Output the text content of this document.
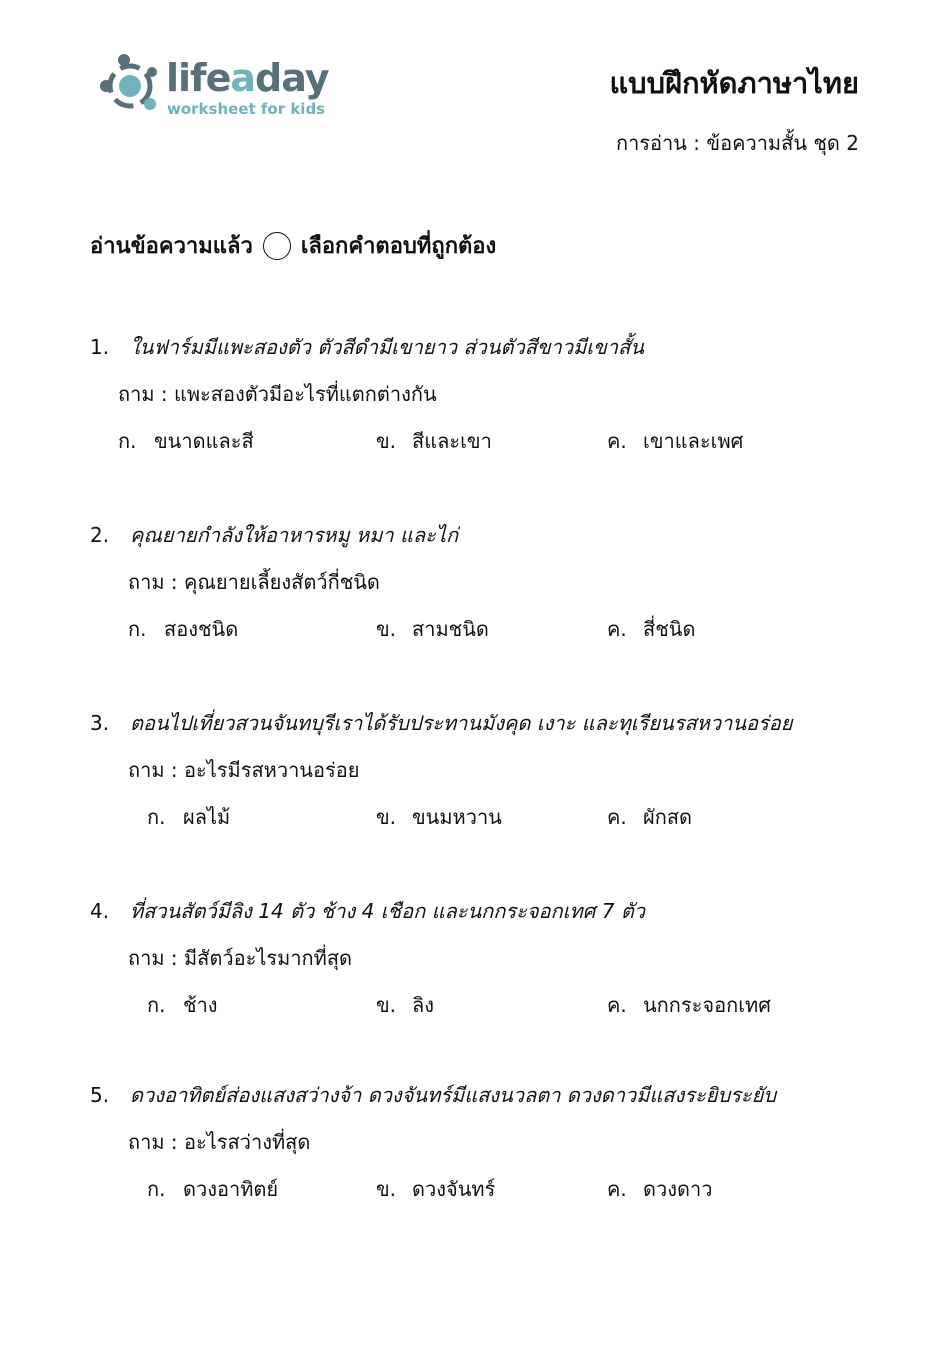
lifeaday
worksheet for kids
แบบฝึกหัดภาษาไทย
การอ่าน : ข้อความสั้น ชุด 2
อ่านข้อความแล้ว เลือกคำตอบที่ถูกต้อง
1. ในฟาร์มมีแพะสองตัว ตัวสีดำมีเขายาว ส่วนตัวสีขาวมีเขาสั้น
ถาม : แพะสองตัวมีอะไรที่แตกต่างกัน
ก. ขนาดและสี	ข. สีและเขา	ค. เขาและเพศ
2. คุณยายกำลังให้อาหารหมู หมา และไก่
ถาม : คุณยายเลี้ยงสัตว์กี่ชนิด
ก. สองชนิด	ข. สามชนิด	ค. สี่ชนิด
3. ตอนไปเที่ยวสวนจันทบุรีเราได้รับประทานมังคุด เงาะ และทุเรียนรสหวานอร่อย
ถาม : อะไรมีรสหวานอร่อย
ก. ผลไม้	ข. ขนมหวาน	ค. ผักสด
4. ที่สวนสัตว์มีลิง 14 ตัว ช้าง 4 เชือก และนกกระจอกเทศ 7 ตัว
ถาม : มีสัตว์อะไรมากที่สุด
ก. ช้าง	ข. ลิง	ค. นกกระจอกเทศ
5. ดวงอาทิตย์ส่องแสงสว่างจ้า ดวงจันทร์มีแสงนวลตา ดวงดาวมีแสงระยิบระยับ
ถาม : อะไรสว่างที่สุด
ก. ดวงอาทิตย์	ข. ดวงจันทร์	ค. ดวงดาว
